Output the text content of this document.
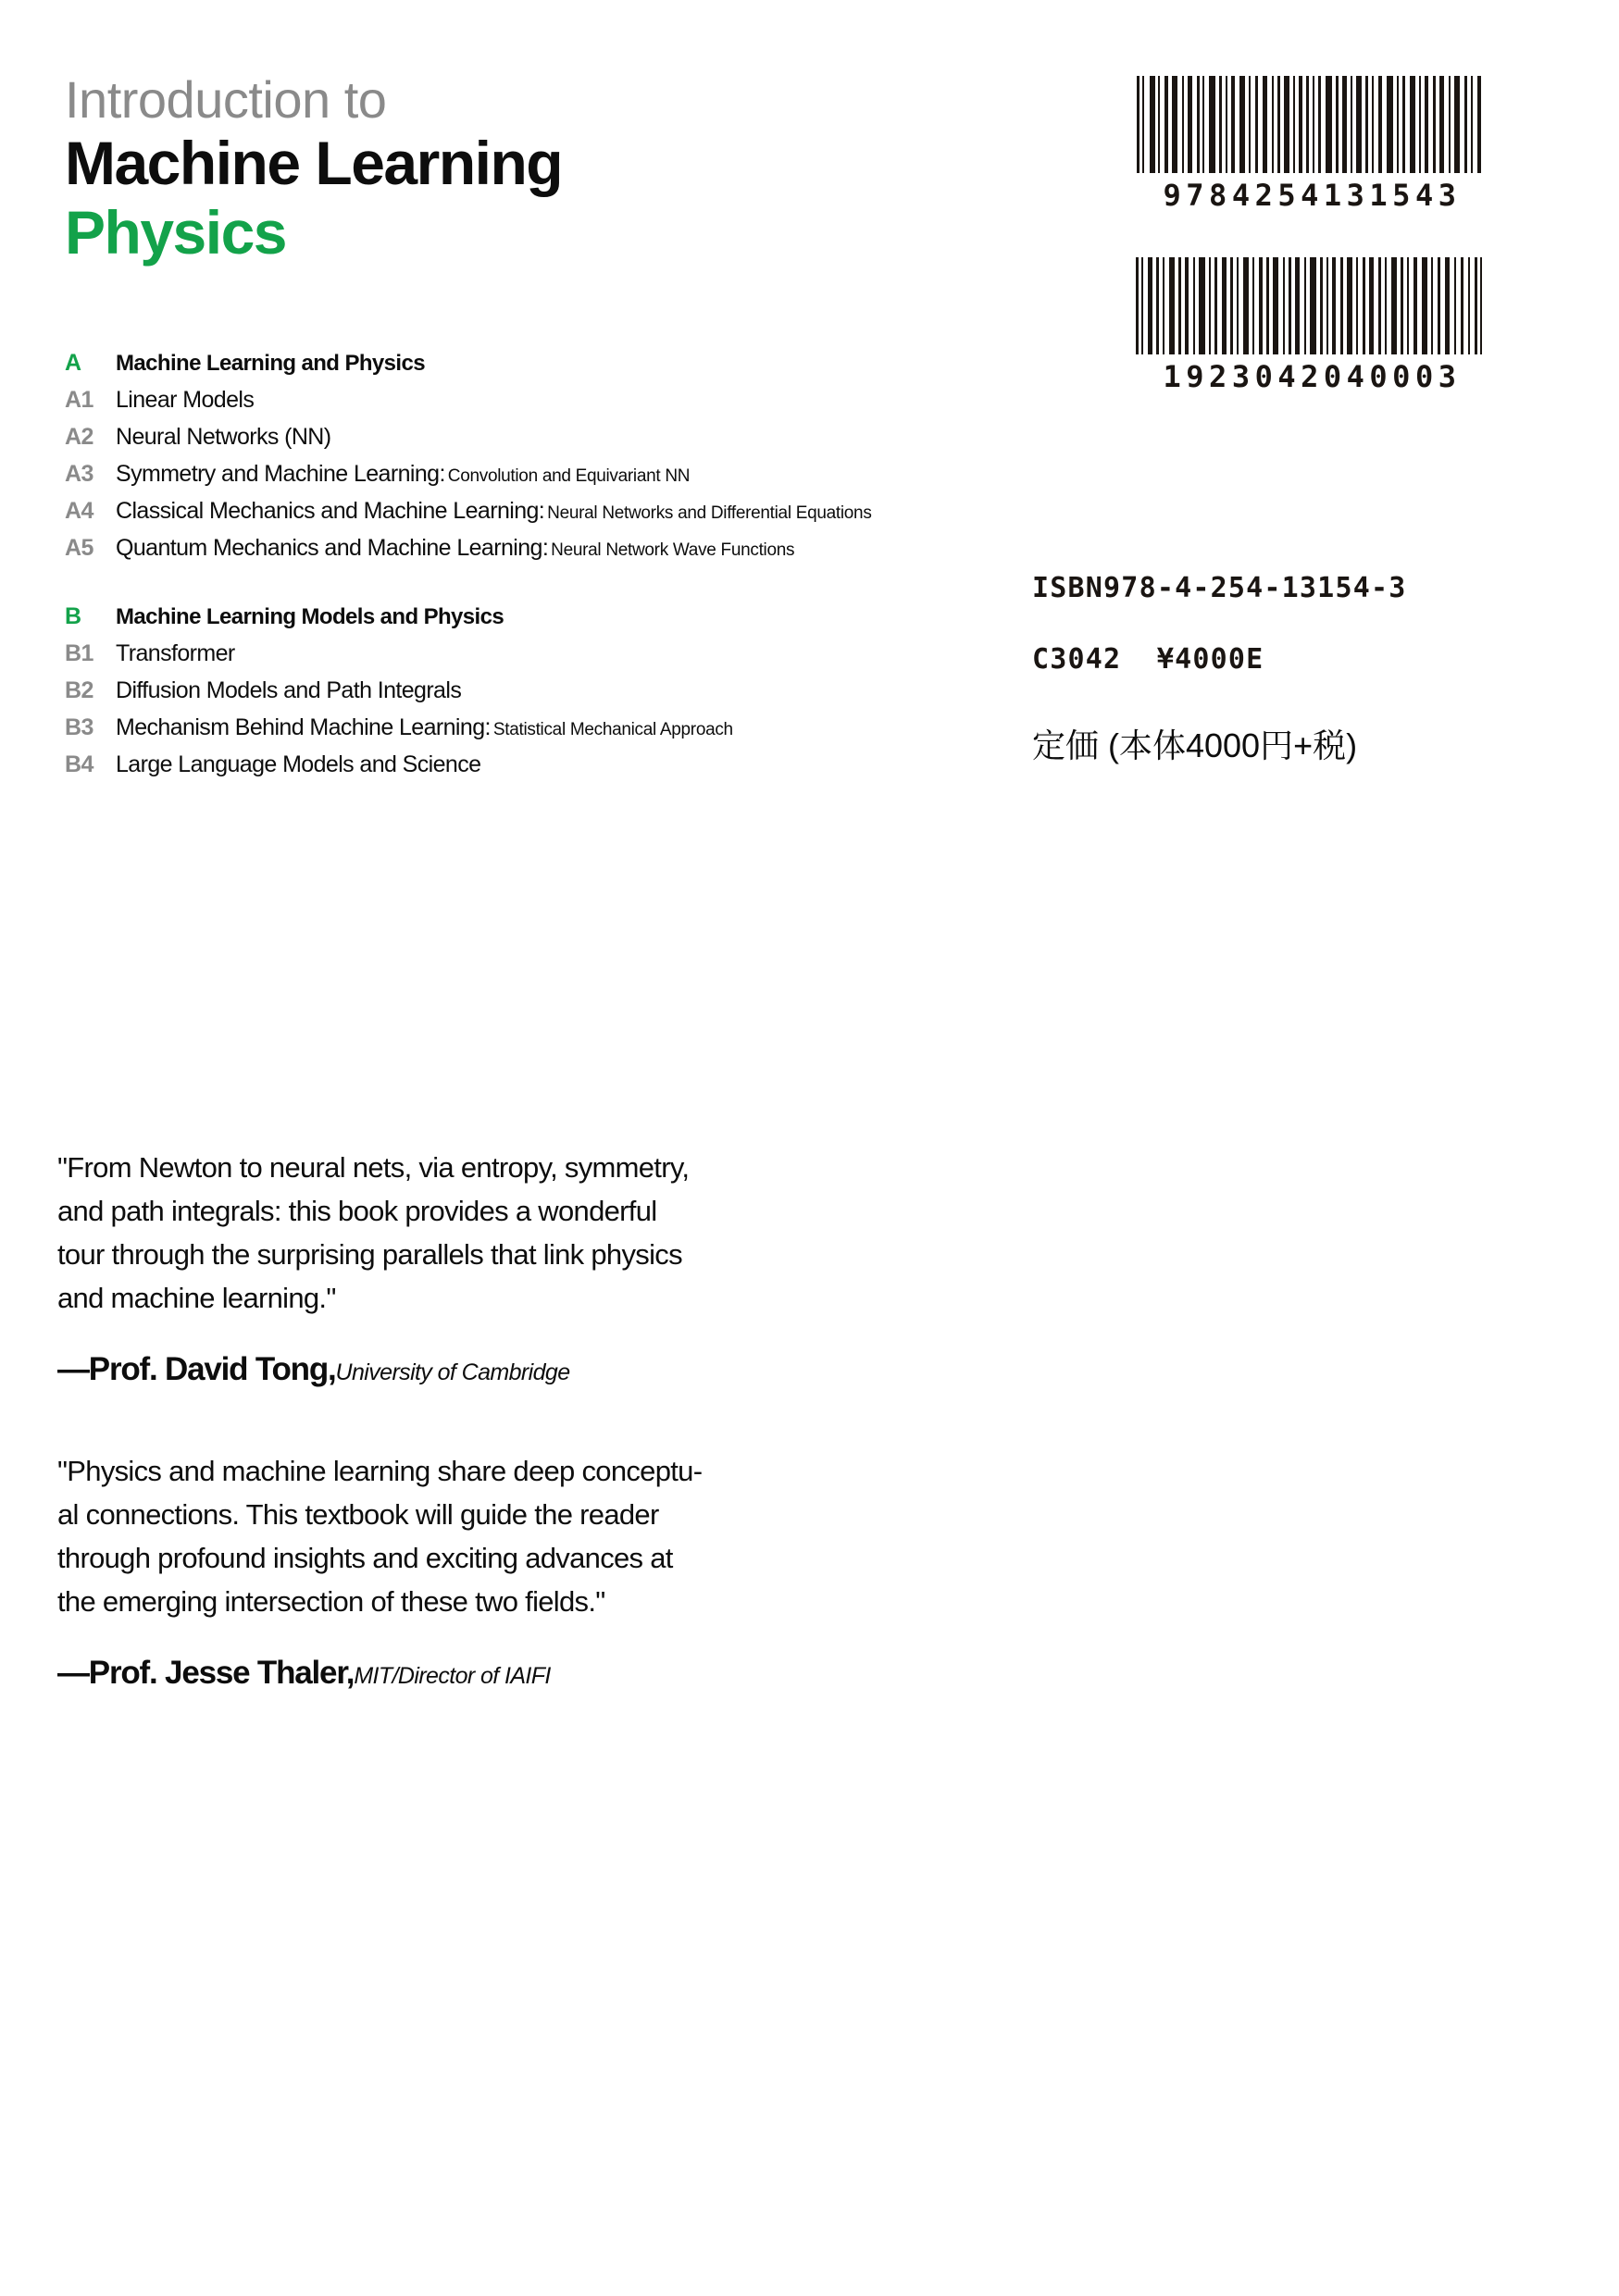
Introduction to
Machine Learning
Physics
A	Machine Learning and Physics
A1 Linear Models
A2 Neural Networks (NN)
A3 Symmetry and Machine Learning: Convolution and Equivariant NN
A4 Classical Mechanics and Machine Learning: Neural Networks and Differential Equations
A5 Quantum Mechanics and Machine Learning: Neural Network Wave Functions
B	Machine Learning Models and Physics
B1 Transformer
B2 Diffusion Models and Path Integrals
B3 Mechanism Behind Machine Learning: Statistical Mechanical Approach
B4 Large Language Models and Science
9784254131543
1923042040003
ISBN978-4-254-13154-3
C3042  ¥4000E
定価 (本体4000円+税)
"From Newton to neural nets, via entropy, symmetry,
and path integrals: this book provides a wonderful
tour through the surprising parallels that link physics
and machine learning."
—Prof. David Tong,University of Cambridge
"Physics and machine learning share deep conceptu-
al connections. This textbook will guide the reader
through profound insights and exciting advances at
the emerging intersection of these two fields."
—Prof. Jesse Thaler,MIT/Director of IAIFI
